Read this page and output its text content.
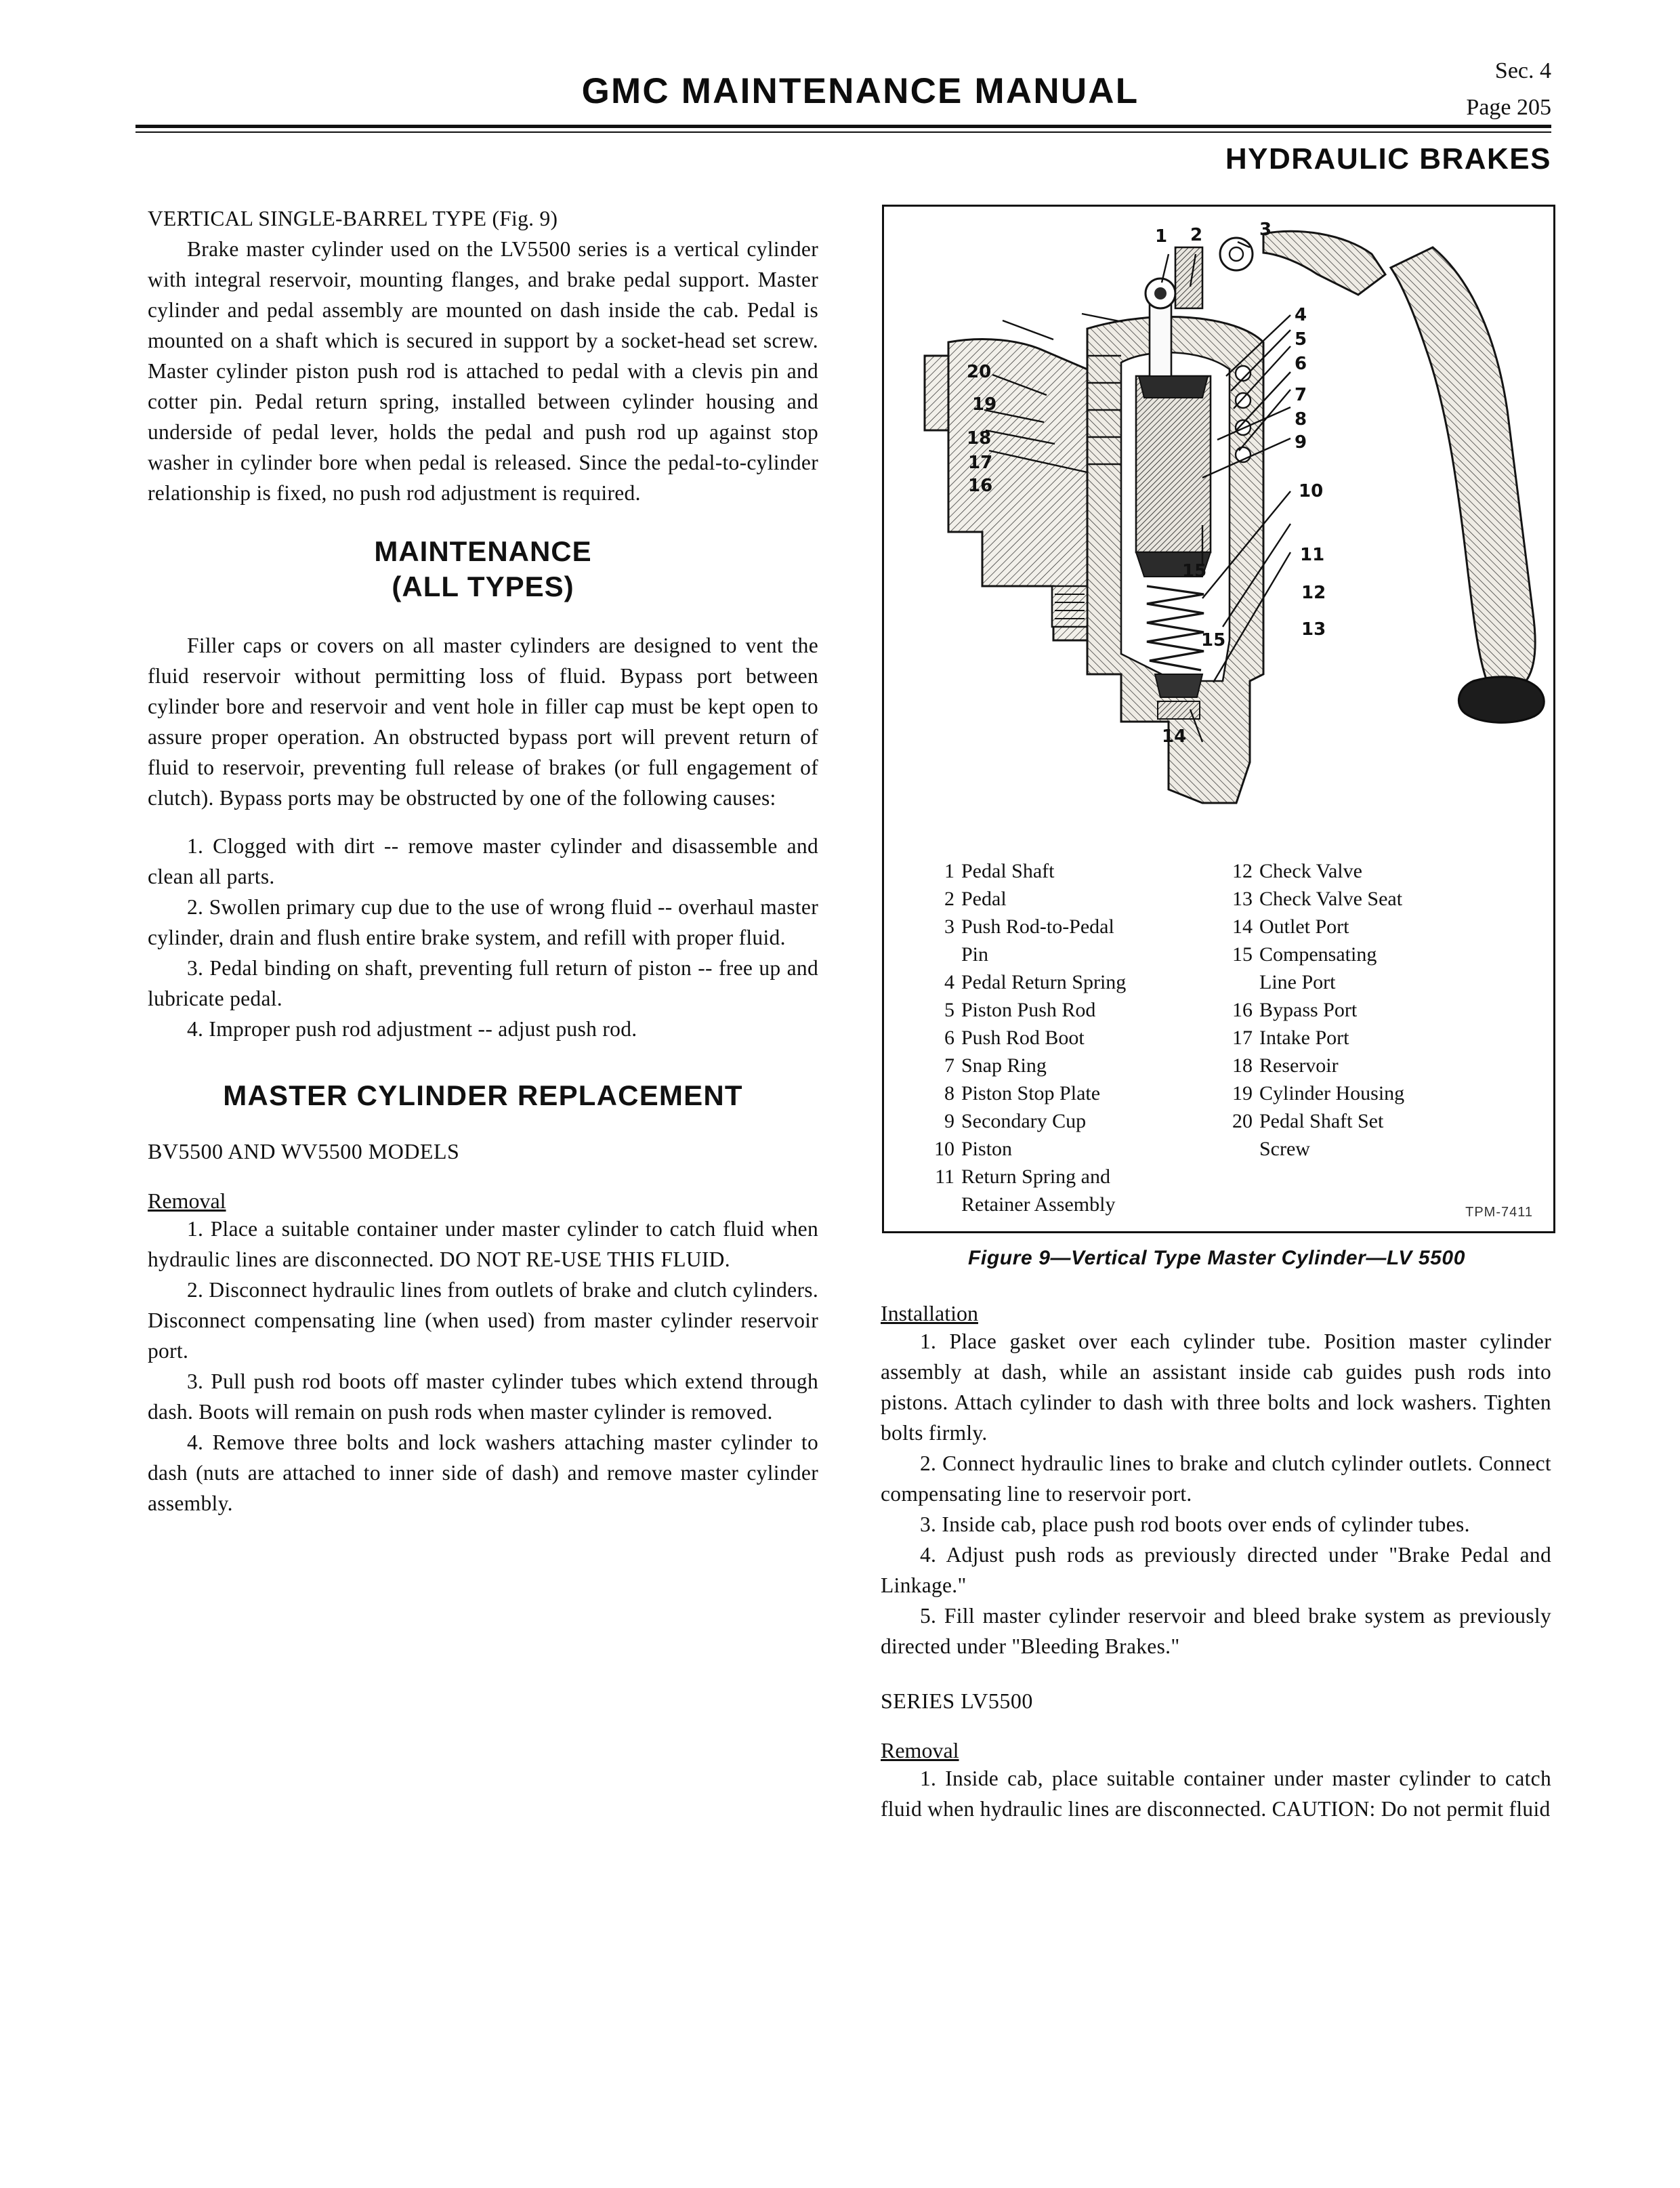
GMC MAINTENANCE MANUAL
Sec. 4
Page 205
HYDRAULIC BRAKES

VERTICAL SINGLE-BARREL TYPE (Fig. 9)

Brake master cylinder used on the LV5500 series is a vertical cylinder with integral reservoir, mounting flanges, and brake pedal support. Master cylinder and pedal assembly are mounted on dash inside the cab. Pedal is mounted on a shaft which is secured in support by a socket-head set screw. Master cylinder piston push rod is attached to pedal with a clevis pin and cotter pin. Pedal return spring, installed between cylinder housing and underside of pedal lever, holds the pedal and push rod up against stop washer in cylinder bore when pedal is released. Since the pedal-to-cylinder relationship is fixed, no push rod adjustment is required.

MAINTENANCE
(ALL TYPES)

Filler caps or covers on all master cylinders are designed to vent the fluid reservoir without permitting loss of fluid. Bypass port between cylinder bore and reservoir and vent hole in filler cap must be kept open to assure proper operation. An obstructed bypass port will prevent return of fluid to reservoir, preventing full release of brakes (or full engagement of clutch). Bypass ports may be obstructed by one of the following causes:

1. Clogged with dirt -- remove master cylinder and disassemble and clean all parts.

2. Swollen primary cup due to the use of wrong fluid -- overhaul master cylinder, drain and flush entire brake system, and refill with proper fluid.

3. Pedal binding on shaft, preventing full return of piston -- free up and lubricate pedal.

4. Improper push rod adjustment -- adjust push rod.

MASTER CYLINDER REPLACEMENT

BV5500 AND WV5500 MODELS

Removal

1. Place a suitable container under master cylinder to catch fluid when hydraulic lines are disconnected. DO NOT RE-USE THIS FLUID.

2. Disconnect hydraulic lines from outlets of brake and clutch cylinders. Disconnect compensating line (when used) from master cylinder reservoir port.

3. Pull push rod boots off master cylinder tubes which extend through dash. Boots will remain on push rods when master cylinder is removed.

4. Remove three bolts and lock washers attaching master cylinder to dash (nuts are attached to inner side of dash) and remove master cylinder assembly.

1 2	3
4
5
6
7
8
9
10
11
12
13
15
14
19
20
18
17
16
15
1 Pedal Shaft
2 Pedal
3 Push Rod-to-Pedal
Pin
4 Pedal Return Spring
5 Piston Push Rod
6 Push Rod Boot
7 Snap Ring
8 Piston Stop Plate
9 Secondary Cup
10 Piston
11 Return Spring and
Retainer Assembly
12 Check Valve
13 Check Valve Seat
14 Outlet Port
15 Compensating
Line Port
16 Bypass Port
17 Intake Port
18 Reservoir
19 Cylinder Housing
20 Pedal Shaft Set
Screw
TPM-7411
Figure 9—Vertical Type Master Cylinder—LV 5500
Installation

1. Place gasket over each cylinder tube. Position master cylinder assembly at dash, while an assistant inside cab guides push rods into pistons. Attach cylinder to dash with three bolts and lock washers. Tighten bolts firmly.

2. Connect hydraulic lines to brake and clutch cylinder outlets. Connect compensating line to reservoir port.

3. Inside cab, place push rod boots over ends of cylinder tubes.

4. Adjust push rods as previously directed under "Brake Pedal and Linkage."

5. Fill master cylinder reservoir and bleed brake system as previously directed under "Bleeding Brakes."

SERIES LV5500

Removal

1. Inside cab, place suitable container under master cylinder to catch fluid when hydraulic lines are disconnected. CAUTION: Do not permit fluid
